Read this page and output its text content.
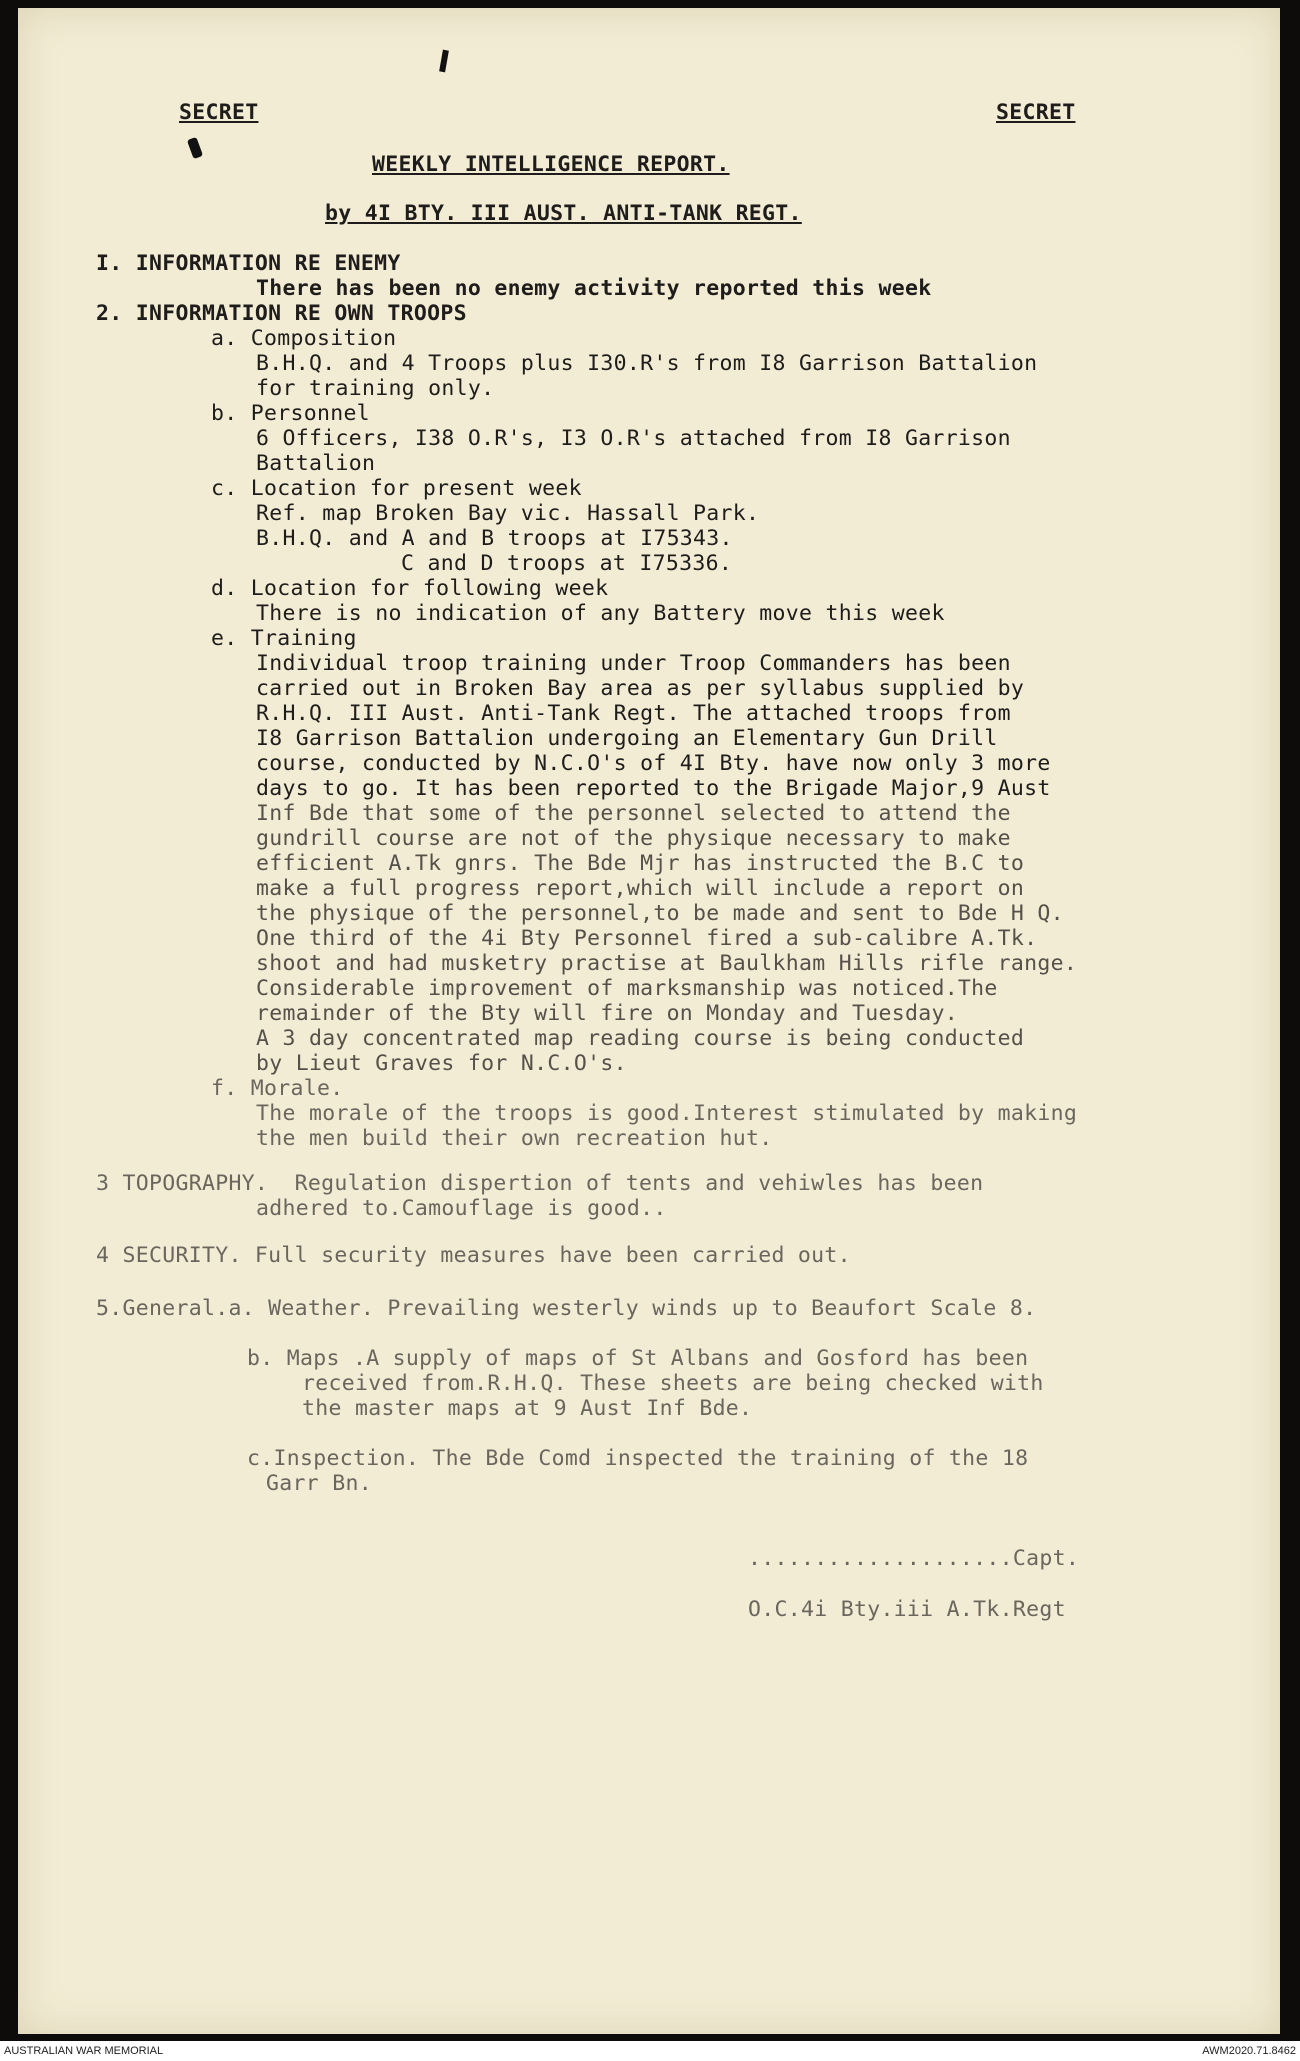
SECRET	SECRET
WEEKLY INTELLIGENCE REPORT.
by 4I BTY. III AUST. ANTI-TANK REGT.
I. INFORMATION RE ENEMY
There has been no enemy activity reported this week
2. INFORMATION RE OWN TROOPS
a. Composition
B.H.Q. and 4 Troops plus I30.R's from I8 Garrison Battalion
for training only.
b. Personnel
6 Officers, I38 O.R's, I3 O.R's attached from I8 Garrison
Battalion
c. Location for present week
Ref. map Broken Bay vic. Hassall Park.
B.H.Q. and A and B troops at I75343.
C and D troops at I75336.
d. Location for following week
There is no indication of any Battery move this week
e. Training
Individual troop training under Troop Commanders has been
carried out in Broken Bay area as per syllabus supplied by
R.H.Q. III Aust. Anti-Tank Regt. The attached troops from
I8 Garrison Battalion undergoing an Elementary Gun Drill
course, conducted by N.C.O's of 4I Bty. have now only 3 more
days to go. It has been reported to the Brigade Major,9 Aust
Inf Bde that some of the personnel selected to attend the
gundrill course are not of the physique necessary to make
efficient A.Tk gnrs. The Bde Mjr has instructed the B.C to
make a full progress report,which will include a report on
the physique of the personnel,to be made and sent to Bde H Q.
One third of the 4i Bty Personnel fired a sub-calibre A.Tk.
shoot and had musketry practise at Baulkham Hills rifle range.
Considerable improvement of marksmanship was noticed.The
remainder of the Bty will fire on Monday and Tuesday.
A 3 day concentrated map reading course is being conducted
by Lieut Graves for N.C.O's.
f. Morale.
The morale of the troops is good.Interest stimulated by making
the men build their own recreation hut.
3 TOPOGRAPHY.  Regulation dispertion of tents and vehiwles has been
adhered to.Camouflage is good..
4 SECURITY. Full security measures have been carried out.
5.General.a. Weather. Prevailing westerly winds up to Beaufort Scale 8.
b. Maps .A supply of maps of St Albans and Gosford has been
received from.R.H.Q. These sheets are being checked with
the master maps at 9 Aust Inf Bde.
c.Inspection. The Bde Comd inspected the training of the 18
Garr Bn.
....................Capt.
O.C.4i Bty.iii A.Tk.Regt
AUSTRALIAN WAR MEMORIAL	AWM2020.71.8462
